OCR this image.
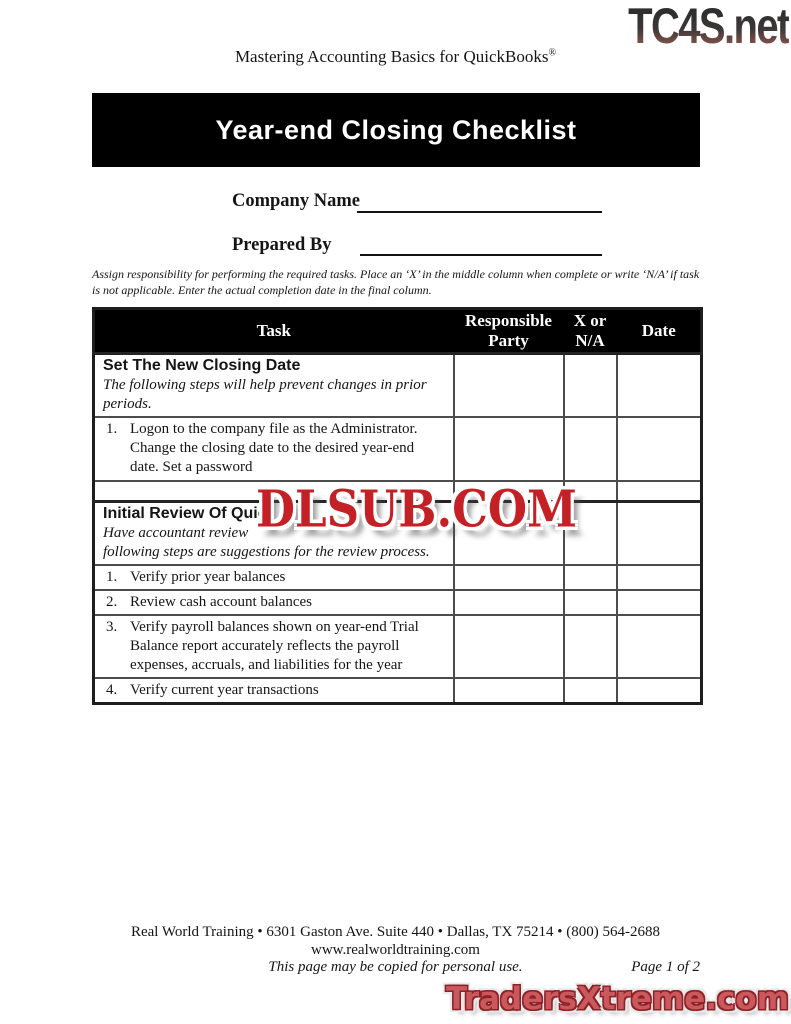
TC4S.net
Mastering Accounting Basics for QuickBooks®
Year-end Closing Checklist
Company Name
Prepared By
Assign responsibility for performing the required tasks. Place an ‘X’ in the middle column when complete or write ‘N/A’ if task is not applicable. Enter the actual completion date in the final column.
Task	Responsible Party	X or N/A	Date

Set The New Closing Date
The following steps will help prevent changes in prior periods.			

1. Logon to the company file as the Administrator. Change the closing date to the desired year-end date. Set a password			

Initial Review Of Quic
Have accountant review
following steps are suggestions for the review process.			

1. Verify prior year balances			

2. Review cash account balances			

3. Verify payroll balances shown on year-end Trial Balance report accurately reflects the payroll expenses, accruals, and liabilities for the year			

4. Verify current year transactions			

DLSUB.COM
Real World Training • 6301 Gaston Ave. Suite 440 • Dallas, TX 75214 • (800) 564-2688
www.realworldtraining.com
This page may be copied for personal use.	Page 1 of 2
TradersXtreme.com
